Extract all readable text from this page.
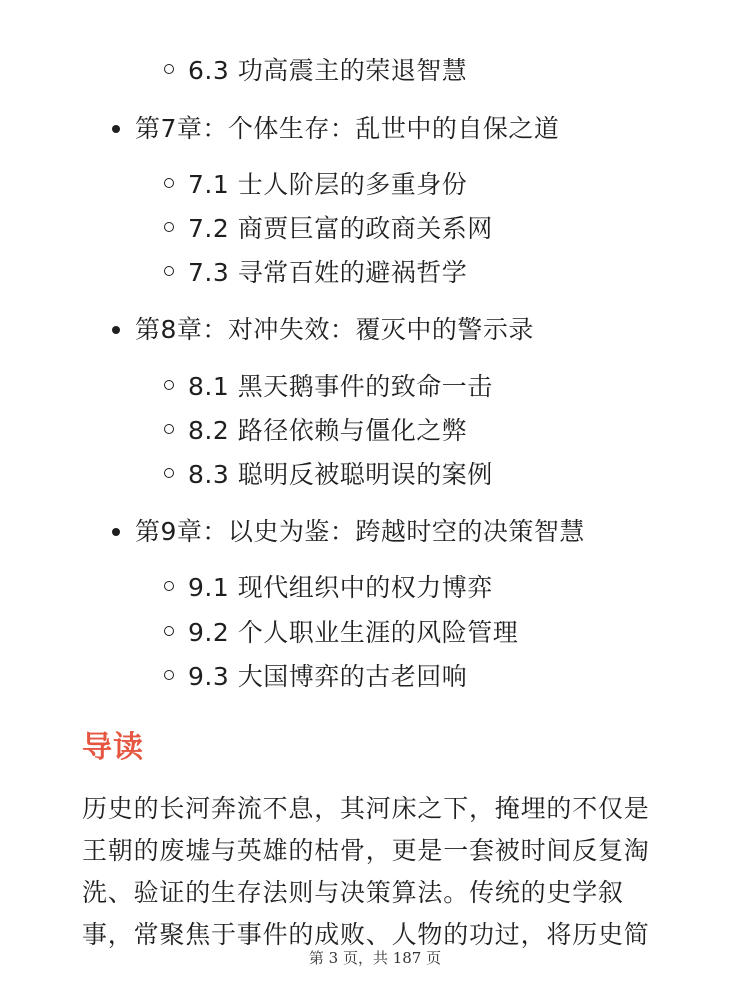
6.3 功高震主的荣退智慧
第7章：个体生存：乱世中的自保之道
7.1 士人阶层的多重身份
7.2 商贾巨富的政商关系网
7.3 寻常百姓的避祸哲学
第8章：对冲失效：覆灭中的警示录
8.1 黑天鹅事件的致命一击
8.2 路径依赖与僵化之弊
8.3 聪明反被聪明误的案例
第9章：以史为鉴：跨越时空的决策智慧
9.1 现代组织中的权力博弈
9.2 个人职业生涯的风险管理
9.3 大国博弈的古老回响
导读
历史的长河奔流不息，其河床之下，掩埋的不仅是
王朝的废墟与英雄的枯骨，更是一套被时间反复淘
洗、验证的生存法则与决策算法。传统的史学叙
事，常聚焦于事件的成败、人物的功过，将历史简
第 3 页，共 187 页
